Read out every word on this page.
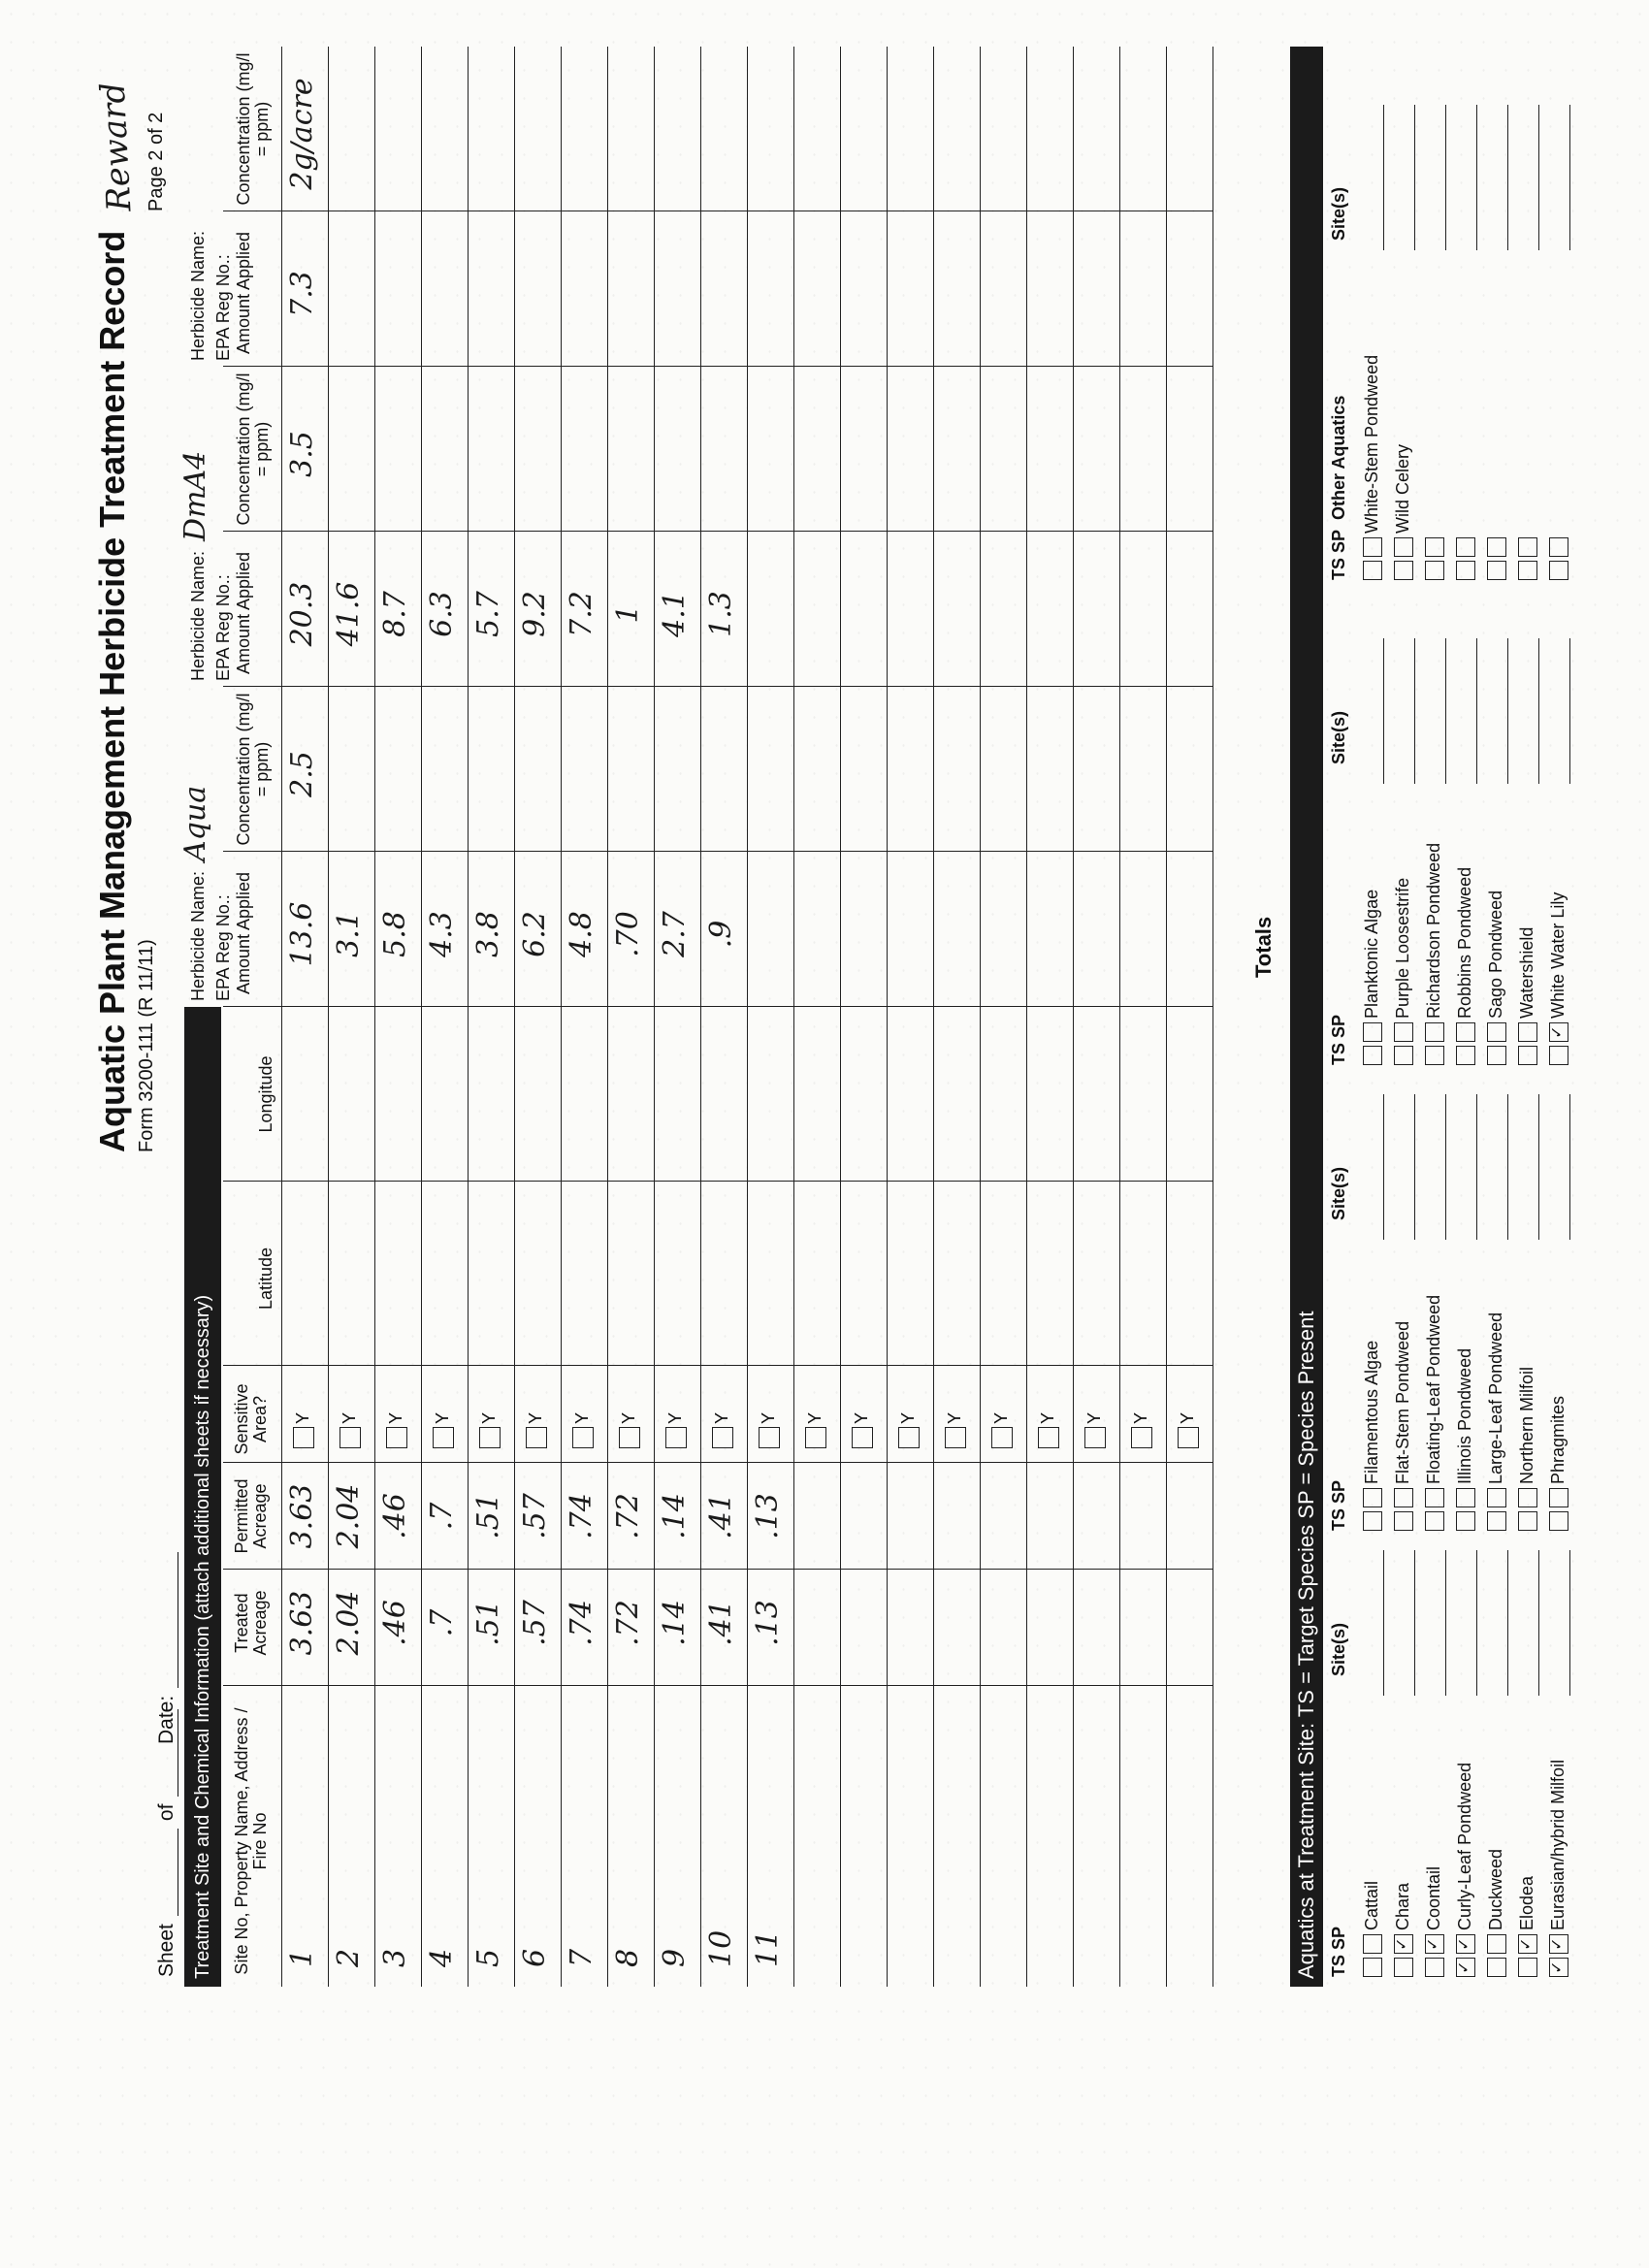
Aquatic Plant Management Herbicide Treatment Record Form 3200-111 (R 11/11)
Page 2 of 2
Reward
Sheetof
Date: Treatment Site and Chemical Information (attach additional sheets if necessary)	Site No, Property Name, Address / Fire No
Treated Acreage
Permitted Acreage
Sensitive Area?
Latitude
Longitude
Herbicide Name:
Aqua
EPA Reg No.: Amount Applied
Concentration (mg/l = ppm)
Herbicide Name:
DmA4
EPA Reg No.: Amount Applied
Concentration (mg/l = ppm)
Herbicide Name: EPA Reg No.: Amount Applied
Concentration (mg/l = ppm)
1
3.63
3.63
13.6
20.3
7.3
Y
2
2.04
2.04
3.1
41.6
Y
3
.46
.46
5.8
8.7
Y
4
.7
.7
4.3
6.3
Y
5
.51
.51
3.8
5.7
Y
6
.57
.57
6.2
9.2
Y
7
.74
.74
4.8
7.2
Y
8
.72
.72
.70
1
Y
9
.14
.14
2.7
4.1
Y
10
.41
.41
.9
1.3
Y
11
.13
.13
Y Y Y Y Y Y Y Y Y Y
2.5
3.5
2g/acre
Totals
Aquatics at Treatment Site: TS = Target Species SP = Species Present TS SP
Cattail
✓Chara
✓Coontail
✓✓Curly-Leaf Pondweed Duckweed
✓Elodea
✓✓Eurasian/hybrid Milfoil
Site(s)
TS SP
Filamentous Algae Flat-Stem Pondweed Floating-Leaf Pondweed Illinois Pondweed Large-Leaf Pondweed Northern Milfoil Phragmites
Site(s)
TS SP
Planktonic Algae Purple Loosestrife Richardson Pondweed Robbins Pondweed Sago Pondweed Watershield
✓White Water Lily
Site(s)
TS SP  Other Aquatics White-Stem Pondweed Wild Celery
Site(s)
